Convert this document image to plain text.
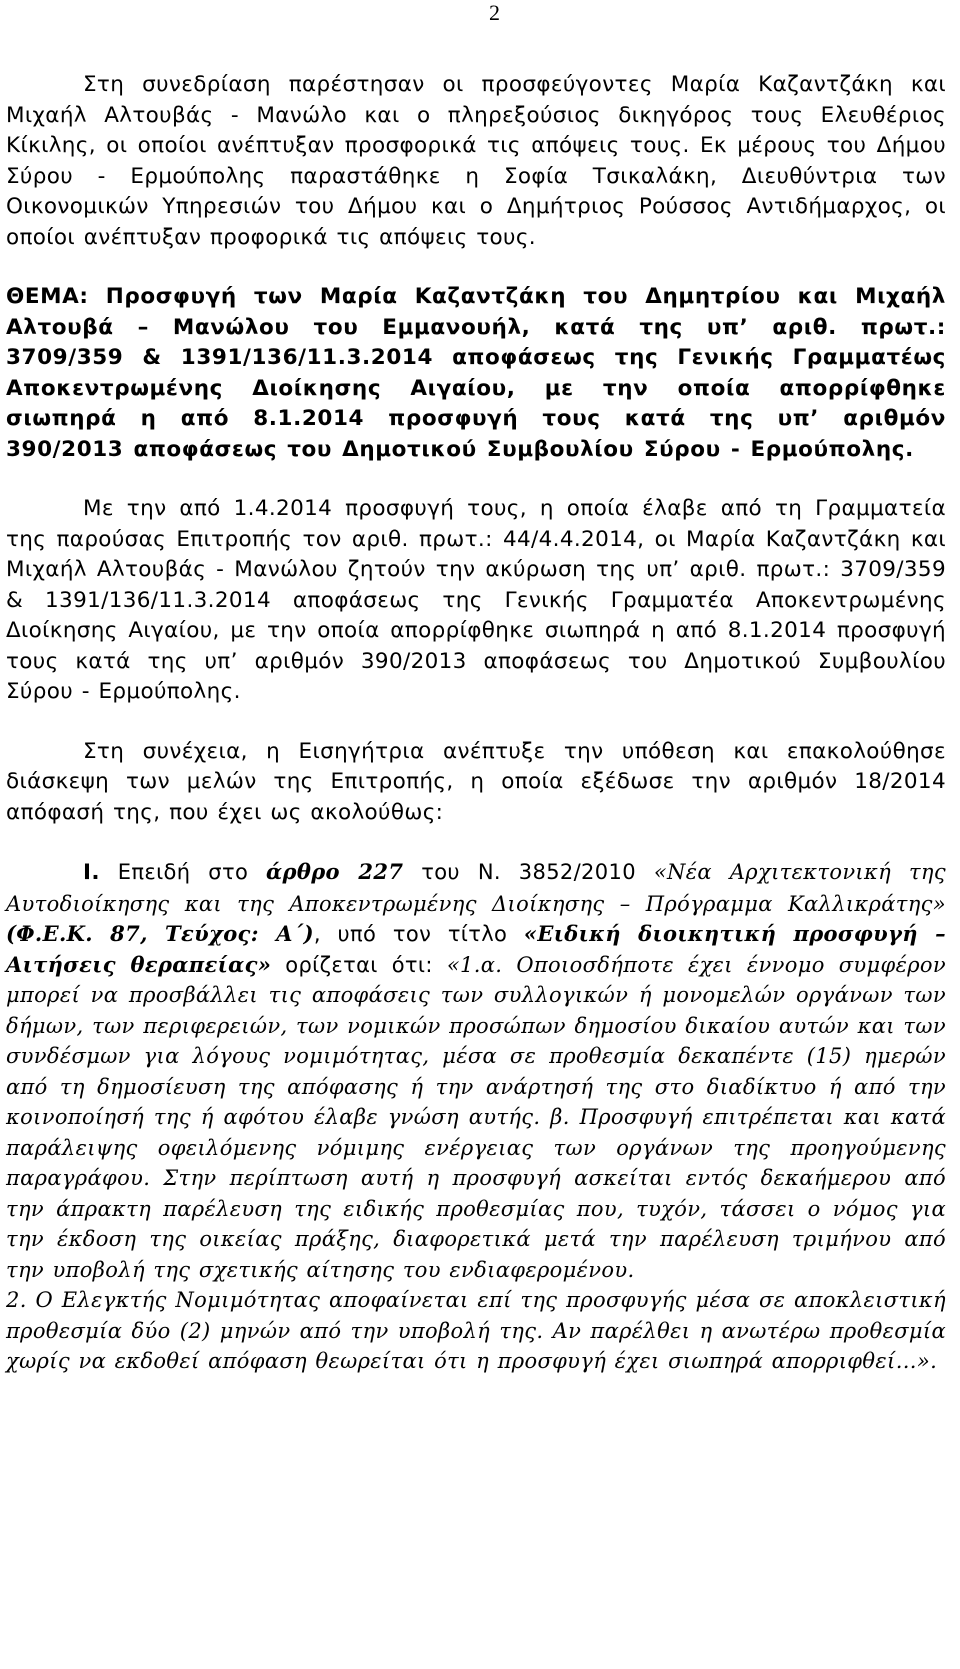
2

Στη συνεδρίαση παρέστησαν οι προσφεύγοντες Μαρία Καζαντζάκη και Μιχαήλ Αλτουβάς - Μανώλο και ο πληρεξούσιος δικηγόρος τους Ελευθέριος Κίκιλης, οι οποίοι ανέπτυξαν προσφορικά τις απόψεις τους. Εκ μέρους του Δήμου Σύρου - Ερμούπολης παραστάθηκε η Σοφία Τσικαλάκη, Διευθύντρια των Οικονομικών Υπηρεσιών του Δήμου και ο Δημήτριος Ρούσσος Αντιδήμαρχος, οι οποίοι ανέπτυξαν προφορικά τις απόψεις τους.

ΘΕΜΑ: Προσφυγή των Μαρία Καζαντζάκη του Δημητρίου και Μιχαήλ Αλτουβά – Μανώλου του Εμμανουήλ, κατά της υπ’ αριθ. πρωτ.: 3709/359 & 1391/136/11.3.2014 αποφάσεως της Γενικής Γραμματέως Αποκεντρωμένης Διοίκησης Αιγαίου, με την οποία απορρίφθηκε σιωπηρά η από 8.1.2014 προσφυγή τους κατά της υπ’ αριθμόν 390/2013 αποφάσεως του Δημοτικού Συμβουλίου Σύρου - Ερμούπολης.

Με την από 1.4.2014 προσφυγή τους, η οποία έλαβε από τη Γραμματεία της παρούσας Επιτροπής τον αριθ. πρωτ.: 44/4.4.2014, οι Μαρία Καζαντζάκη και Μιχαήλ Αλτουβάς - Μανώλου ζητούν την ακύρωση της υπ’ αριθ. πρωτ.: 3709/359 & 1391/136/11.3.2014 αποφάσεως της Γενικής Γραμματέα Αποκεντρωμένης Διοίκησης Αιγαίου, με την οποία απορρίφθηκε σιωπηρά η από 8.1.2014 προσφυγή τους κατά της υπ’ αριθμόν 390/2013 αποφάσεως του Δημοτικού Συμβουλίου Σύρου - Ερμούπολης.

Στη συνέχεια, η Εισηγήτρια ανέπτυξε την υπόθεση και επακολούθησε διάσκεψη των μελών της Επιτροπής, η οποία εξέδωσε την αριθμόν 18/2014 απόφασή της, που έχει ως ακολούθως:

Ι. Επειδή στο άρθρο 227 του Ν. 3852/2010 «Νέα Αρχιτεκτονική της Αυτοδιοίκησης και της Αποκεντρωμένης Διοίκησης – Πρόγραμμα Καλλικράτης» (Φ.Ε.Κ. 87, Τεύχος: Α΄), υπό τον τίτλο «Ειδική διοικητική προσφυγή – Αιτήσεις θεραπείας» ορίζεται ότι: «1.α. Οποιοσδήποτε έχει έννομο συμφέρον μπορεί να προσβάλλει τις αποφάσεις των συλλογικών ή μονομελών οργάνων των δήμων, των περιφερειών, των νομικών προσώπων δημοσίου δικαίου αυτών και των συνδέσμων για λόγους νομιμότητας, μέσα σε προθεσμία δεκαπέντε (15) ημερών από τη δημοσίευση της απόφασης ή την ανάρτησή της στο διαδίκτυο ή από την κοινοποίησή της ή αφότου έλαβε γνώση αυτής. β. Προσφυγή επιτρέπεται και κατά παράλειψης οφειλόμενης νόμιμης ενέργειας των οργάνων της προηγούμενης παραγράφου. Στην περίπτωση αυτή η προσφυγή ασκείται εντός δεκαήμερου από την άπρακτη παρέλευση της ειδικής προθεσμίας που, τυχόν, τάσσει ο νόμος για την έκδοση της οικείας πράξης, διαφορετικά μετά την παρέλευση τριμήνου από την υποβολή της σχετικής αίτησης του ενδιαφερομένου.

2. Ο Ελεγκτής Νομιμότητας αποφαίνεται επί της προσφυγής μέσα σε αποκλειστική προθεσμία δύο (2) μηνών από την υποβολή της. Αν παρέλθει η ανωτέρω προθεσμία χωρίς να εκδοθεί απόφαση θεωρείται ότι η προσφυγή έχει σιωπηρά απορριφθεί…».
